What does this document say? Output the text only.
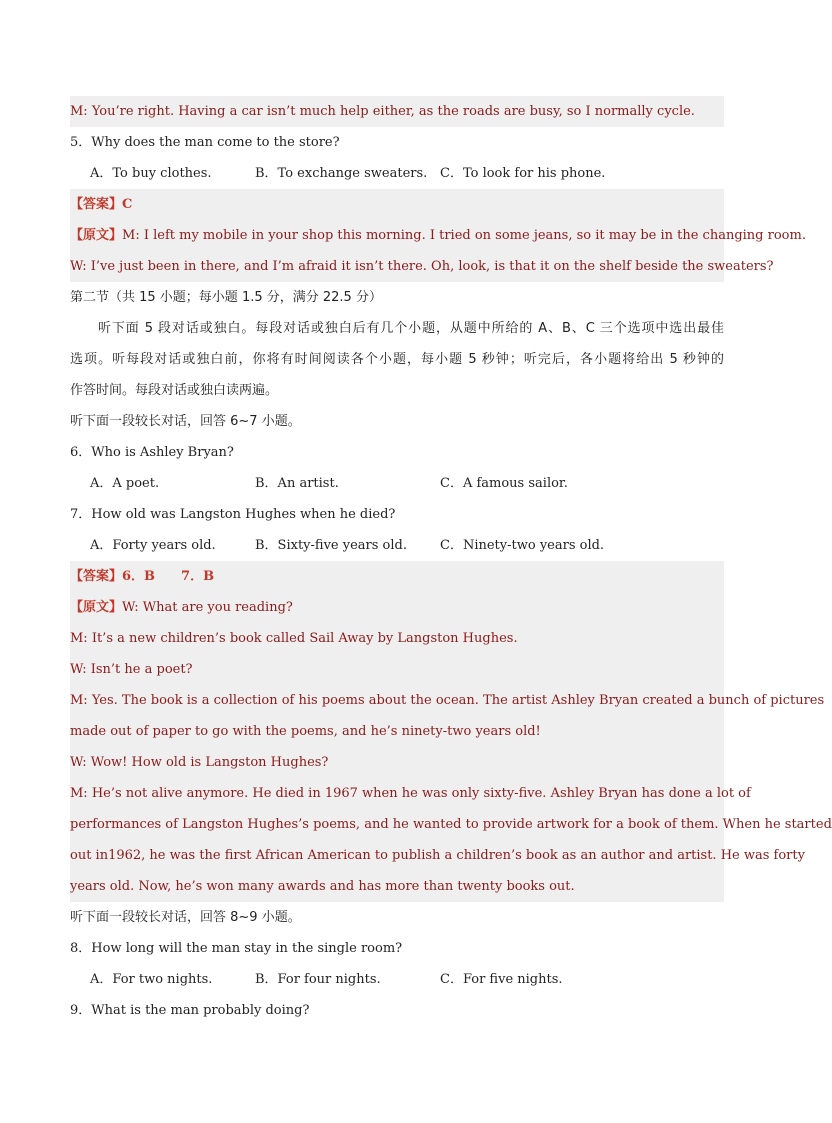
M: You’re right. Having a car isn’t much help either, as the roads are busy, so I normally cycle.
5．Why does the man come to the store?
A．To buy clothes.	B．To exchange sweaters. C．To look for his phone.
【答案】C
【原文】M: I left my mobile in your shop this morning. I tried on some jeans, so it may be in the changing room.
W: I’ve just been in there, and I’m afraid it isn’t there. Oh, look, is that it on the shelf beside the sweaters?
第二节（共 15 小题；每小题 1.5 分，满分 22.5 分）
听下面 5 段对话或独白。每段对话或独白后有几个小题，从题中所给的 A、B、C 三个选项中选出最佳
选项。听每段对话或独白前，你将有时间阅读各个小题，每小题 5 秒钟；听完后，各小题将给出 5 秒钟的
作答时间。每段对话或独白读两遍。
听下面一段较长对话，回答 6~7 小题。
6．Who is Ashley Bryan?
A．A poet.	B．An artist.	C．A famous sailor.
7．How old was Langston Hughes when he died?
A．Forty years old.	B．Sixty-five years old.	C．Ninety-two years old.
【答案】6．B　　7．B
【原文】W: What are you reading?
M: It’s a new children’s book called Sail Away by Langston Hughes.
W: Isn’t he a poet?
M: Yes. The book is a collection of his poems about the ocean. The artist Ashley Bryan created a bunch of pictures
made out of paper to go with the poems, and he’s ninety-two years old!
W: Wow! How old is Langston Hughes?
M: He’s not alive anymore. He died in 1967 when he was only sixty-five. Ashley Bryan has done a lot of
performances of Langston Hughes’s poems, and he wanted to provide artwork for a book of them. When he started
out in1962, he was the first African American to publish a children’s book as an author and artist. He was forty
years old. Now, he’s won many awards and has more than twenty books out.
听下面一段较长对话，回答 8~9 小题。
8．How long will the man stay in the single room?
A．For two nights.	B．For four nights.	C．For five nights.
9．What is the man probably doing?
